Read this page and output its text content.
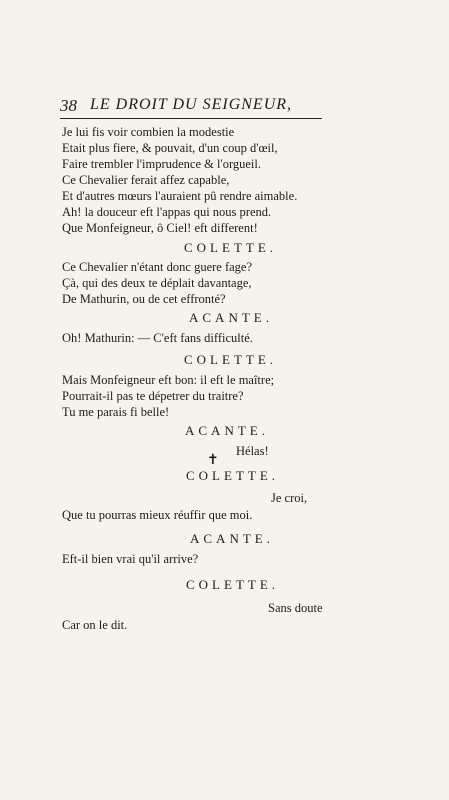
38 LE DROIT DU SEIGNEUR,
Je lui fis voir combien la modestie
Etait plus fiere, & pouvait, d'un coup d'œil,
Faire trembler l'imprudence & l'orgueil.
Ce Chevalier ferait affez capable,
Et d'autres mœurs l'auraient pû rendre aimable.
Ah! la douceur eft l'appas qui nous prend.
Que Monfeigneur, ô Ciel! eft different!
COLETTE.
Ce Chevalier n'étant donc guere fage?
Çà, qui des deux te déplait davantage,
De Mathurin, ou de cet effronté?
ACANTE.
Oh! Mathurin: — C'eft fans difficulté.
COLETTE.
Mais Monfeigneur eft bon: il eft le maître;
Pourrait-il pas te dépetrer du traitre?
Tu me parais fi belle!
ACANTE.
Hélas!
✝
COLETTE.
Je croi,
Que tu pourras mieux réuffir que moi.
ACANTE.
Eft-il bien vrai qu'il arrive?
COLETTE.
Sans doute
Car on le dit.
